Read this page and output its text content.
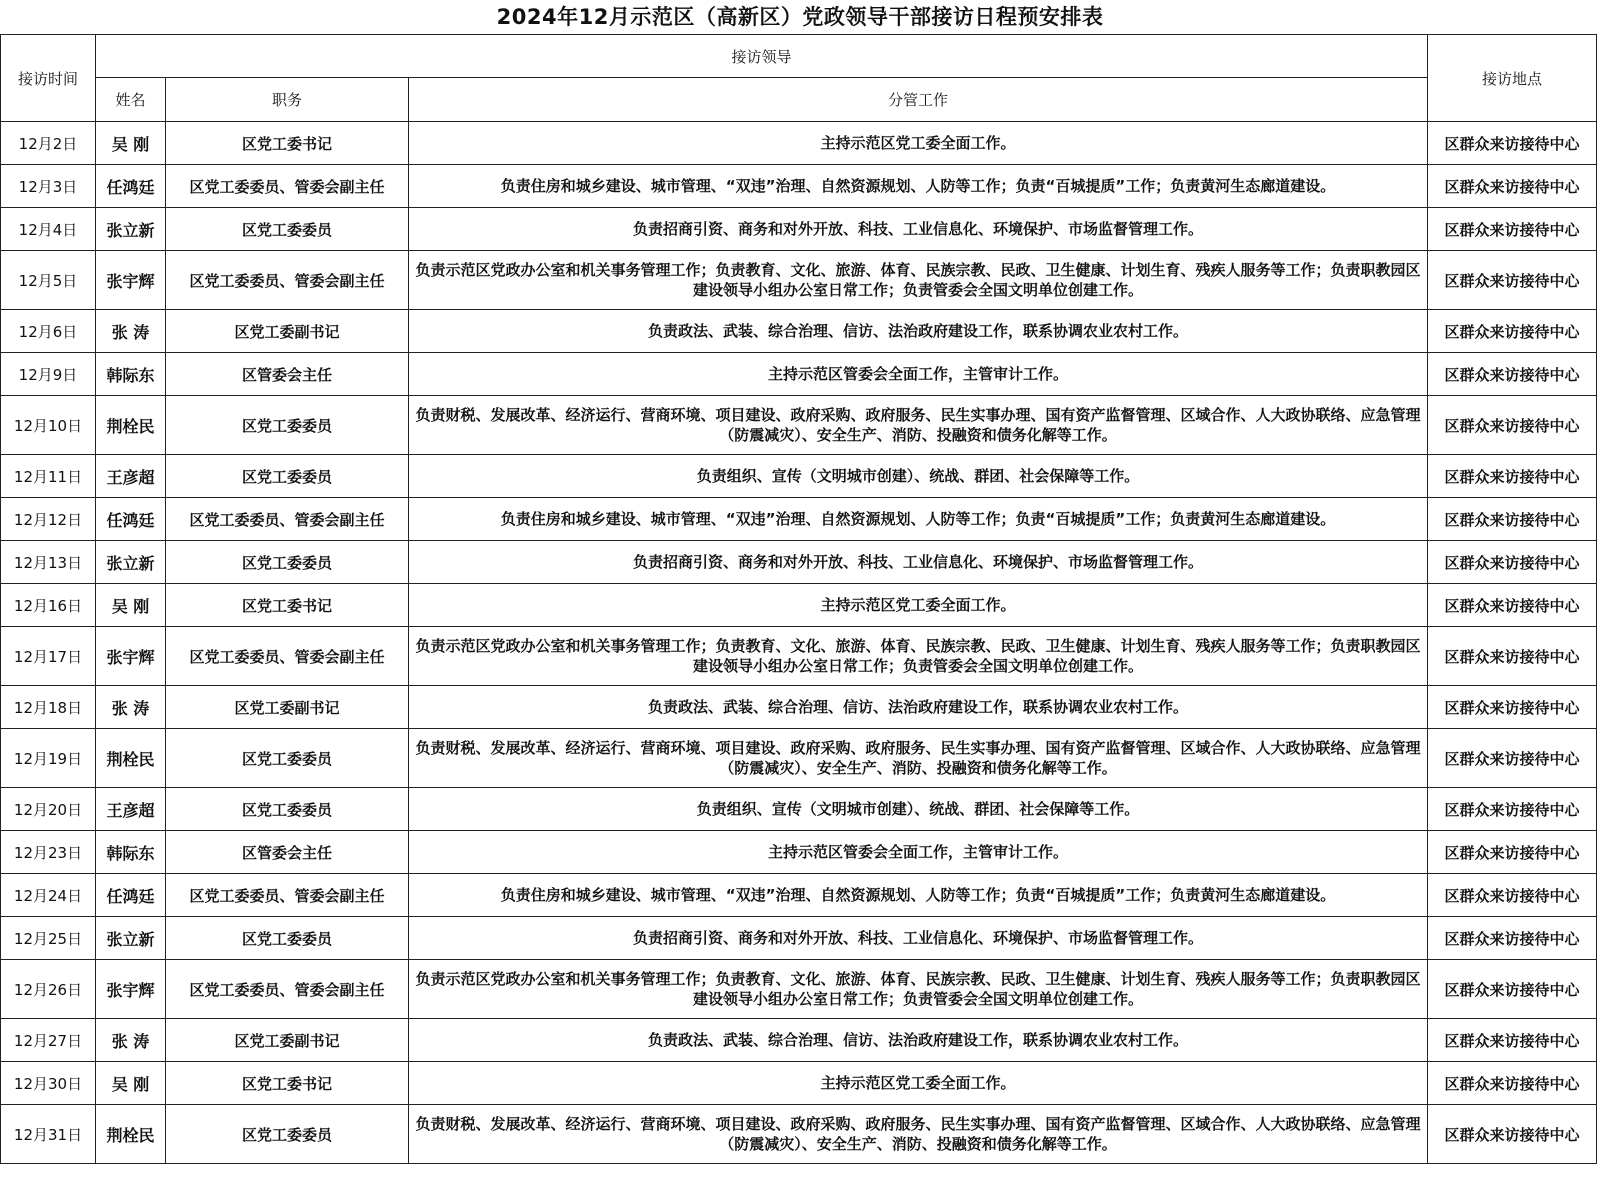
2024年12月示范区（高新区）党政领导干部接访日程预安排表
接访时间	接访领导			接访地点
	姓名	职务	分管工作	
12月2日	吴 刚	区党工委书记	主持示范区党工委全面工作。	区群众来访接待中心
12月3日	任鸿廷	区党工委委员、管委会副主任	负责住房和城乡建设、城市管理、“双违”治理、自然资源规划、人防等工作；负责“百城提质”工作；负责黄河生态廊道建设。	区群众来访接待中心
12月4日	张立新	区党工委委员	负责招商引资、商务和对外开放、科技、工业信息化、环境保护、市场监督管理工作。	区群众来访接待中心
12月5日	张宇辉	区党工委委员、管委会副主任	负责示范区党政办公室和机关事务管理工作；负责教育、文化、旅游、体育、民族宗教、民政、卫生健康、计划生育、残疾人服务等工作；负责职教园区建设领导小组办公室日常工作；负责管委会全国文明单位创建工作。	区群众来访接待中心
12月6日	张 涛	区党工委副书记	负责政法、武装、综合治理、信访、法治政府建设工作，联系协调农业农村工作。	区群众来访接待中心
12月9日	韩际东	区管委会主任	主持示范区管委会全面工作，主管审计工作。	区群众来访接待中心
12月10日	荆栓民	区党工委委员	负责财税、发展改革、经济运行、营商环境、项目建设、政府采购、政府服务、民生实事办理、国有资产监督管理、区域合作、人大政协联络、应急管理（防震减灾）、安全生产、消防、投融资和债务化解等工作。	区群众来访接待中心
12月11日	王彦超	区党工委委员	负责组织、宣传（文明城市创建）、统战、群团、社会保障等工作。	区群众来访接待中心
12月12日	任鸿廷	区党工委委员、管委会副主任	负责住房和城乡建设、城市管理、“双违”治理、自然资源规划、人防等工作；负责“百城提质”工作；负责黄河生态廊道建设。	区群众来访接待中心
12月13日	张立新	区党工委委员	负责招商引资、商务和对外开放、科技、工业信息化、环境保护、市场监督管理工作。	区群众来访接待中心
12月16日	吴 刚	区党工委书记	主持示范区党工委全面工作。	区群众来访接待中心
12月17日	张宇辉	区党工委委员、管委会副主任	负责示范区党政办公室和机关事务管理工作；负责教育、文化、旅游、体育、民族宗教、民政、卫生健康、计划生育、残疾人服务等工作；负责职教园区建设领导小组办公室日常工作；负责管委会全国文明单位创建工作。	区群众来访接待中心
12月18日	张 涛	区党工委副书记	负责政法、武装、综合治理、信访、法治政府建设工作，联系协调农业农村工作。	区群众来访接待中心
12月19日	荆栓民	区党工委委员	负责财税、发展改革、经济运行、营商环境、项目建设、政府采购、政府服务、民生实事办理、国有资产监督管理、区域合作、人大政协联络、应急管理（防震减灾）、安全生产、消防、投融资和债务化解等工作。	区群众来访接待中心
12月20日	王彦超	区党工委委员	负责组织、宣传（文明城市创建）、统战、群团、社会保障等工作。	区群众来访接待中心
12月23日	韩际东	区管委会主任	主持示范区管委会全面工作，主管审计工作。	区群众来访接待中心
12月24日	任鸿廷	区党工委委员、管委会副主任	负责住房和城乡建设、城市管理、“双违”治理、自然资源规划、人防等工作；负责“百城提质”工作；负责黄河生态廊道建设。	区群众来访接待中心
12月25日	张立新	区党工委委员	负责招商引资、商务和对外开放、科技、工业信息化、环境保护、市场监督管理工作。	区群众来访接待中心
12月26日	张宇辉	区党工委委员、管委会副主任	负责示范区党政办公室和机关事务管理工作；负责教育、文化、旅游、体育、民族宗教、民政、卫生健康、计划生育、残疾人服务等工作；负责职教园区建设领导小组办公室日常工作；负责管委会全国文明单位创建工作。	区群众来访接待中心
12月27日	张 涛	区党工委副书记	负责政法、武装、综合治理、信访、法治政府建设工作，联系协调农业农村工作。	区群众来访接待中心
12月30日	吴 刚	区党工委书记	主持示范区党工委全面工作。	区群众来访接待中心
12月31日	荆栓民	区党工委委员	负责财税、发展改革、经济运行、营商环境、项目建设、政府采购、政府服务、民生实事办理、国有资产监督管理、区域合作、人大政协联络、应急管理（防震减灾）、安全生产、消防、投融资和债务化解等工作。	区群众来访接待中心
